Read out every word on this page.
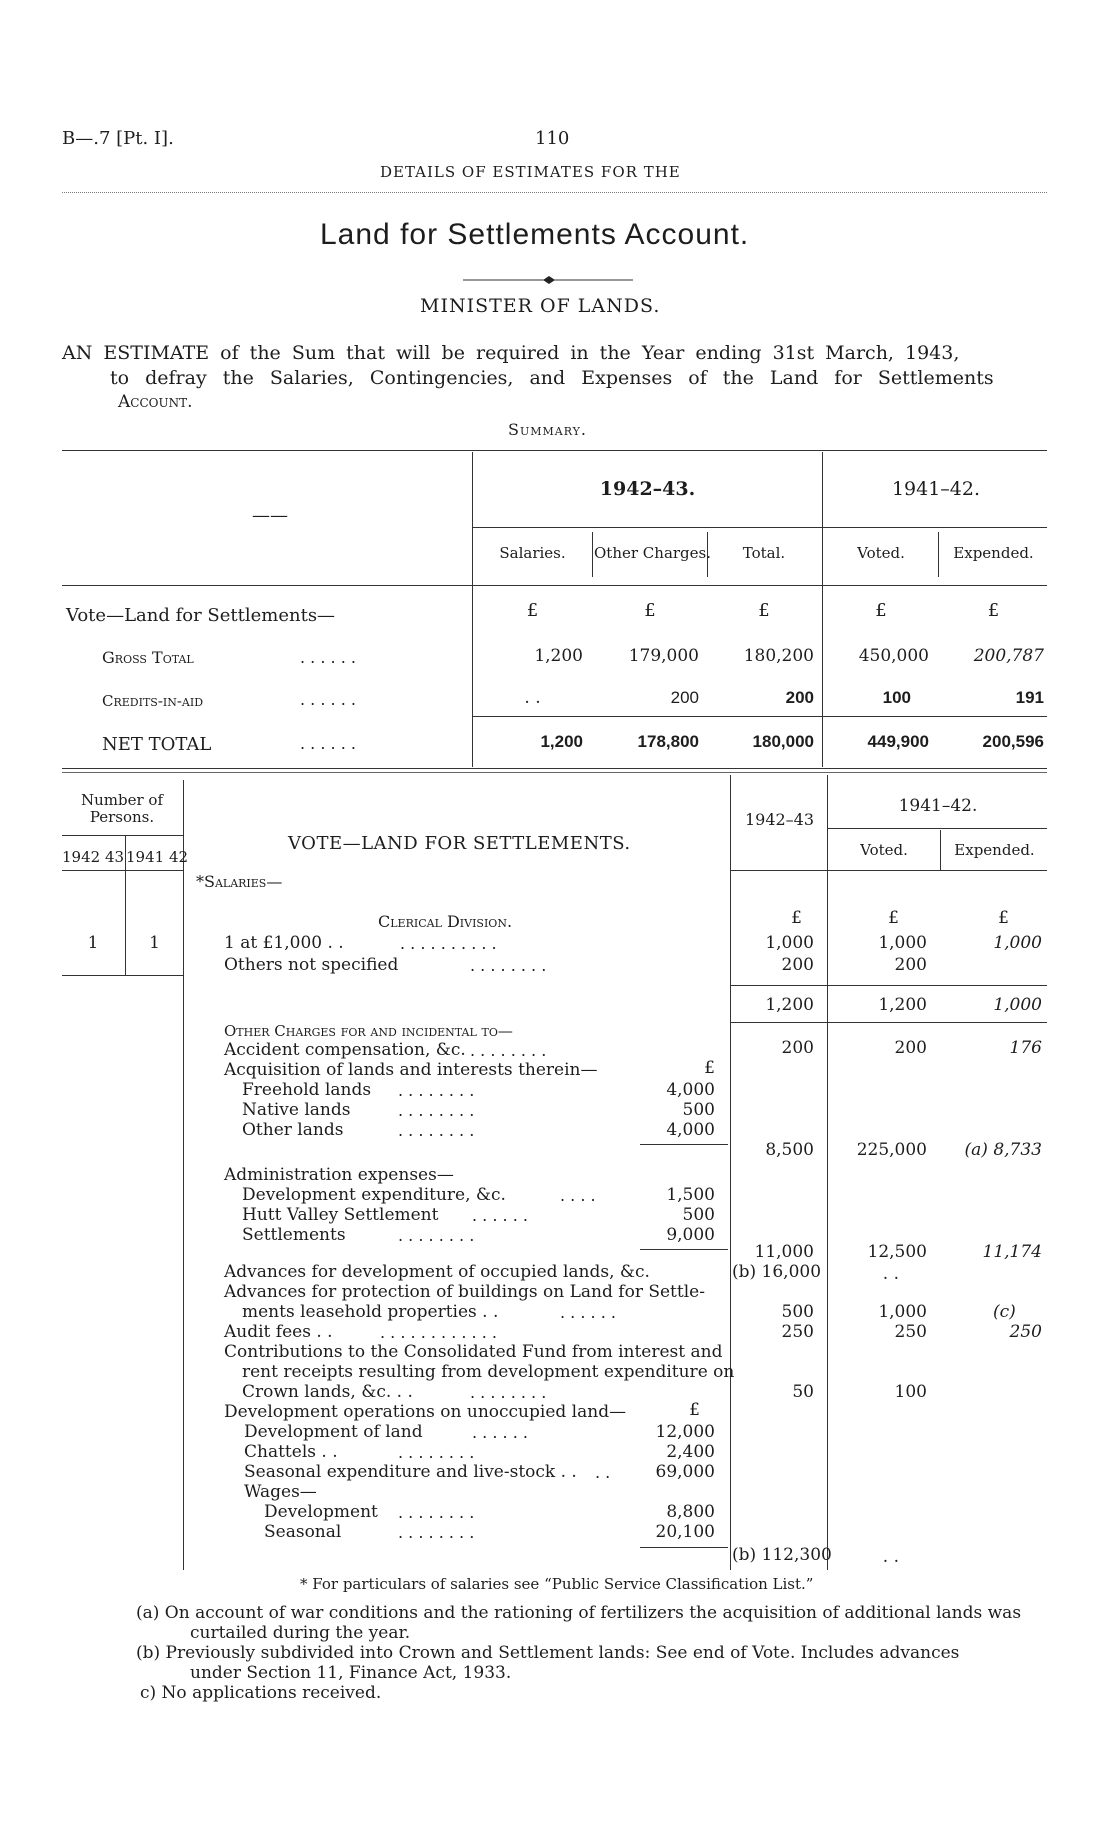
B—.7 [Pt. I].	110
DETAILS OF ESTIMATES FOR THE
Land for Settlements Account.
MINISTER OF LANDS.
AN ESTIMATE of the Sum that will be required in the Year ending 31st March, 1943,
to defray the Salaries, Contingencies, and Expenses of the Land for Settlements
Account.
Summary.
——
1942–43.	1941–42.
Salaries.	Other Charges.	Total.	Voted.	Expended.
Vote—Land for Settlements—	£	£	£	£	£
Gross Total	. . . . . .	1,200	179,000	180,200	450,000	200,787
Credits-in-aid	. . . . . .	. .	200	200	100	191
NET TOTAL	. . . . . .	1,200	178,800	180,000	449,900	200,596
Number of Persons.
1942 43 1941 42
VOTE—LAND FOR SETTLEMENTS.
1942–43
1941–42.
Voted.	Expended.
*Salaries—
Clerical Division.	£	£	£
1	1	1 at £1,000 . .	. . . . . . . . . .	1,000	1,000	1,000
Others not specified	. . . . . . . .	200	200
1,200	1,200	1,000
Other Charges for and incidental to—
Accident compensation, &c. . . . . . . . .	200	200	176
Acquisition of lands and interests therein—	£
Freehold lands . . . . . . . .	4,000
Native lands	. . . . . . . .	500
Other lands	. . . . . . . .	4,000
8,500	225,000	(a) 8,733
Administration expenses—
Development expenditure, &c.	. . . .	1,500
Hutt Valley Settlement . . . . . .	500
Settlements	. . . . . . . .	9,000
11,000	12,500	11,174
Advances for development of occupied lands, &c.	(b) 16,000	. .
Advances for protection of buildings on Land for Settle-
ments leasehold properties . .	. . . . . .	500	1,000	(c)
Audit fees . .	. . . . . . . . . . . .	250	250	250
Contributions to the Consolidated Fund from interest and
rent receipts resulting from development expenditure on
Crown lands, &c. . .	. . . . . . . .	50	100
Development operations on unoccupied land—	£
Development of land	. . . . . .	12,000
Chattels . .	. . . . . . . .	2,400
Seasonal expenditure and live-stock . . . .	69,000
Wages—
Development . . . . . . . .	8,800
Seasonal	. . . . . . . .	20,100
(b) 112,300	. .
* For particulars of salaries see “Public Service Classification List.”
(a) On account of war conditions and the rationing of fertilizers the acquisition of additional lands was
curtailed during the year.
(b) Previously subdivided into Crown and Settlement lands: See end of Vote. Includes advances
under Section 11, Finance Act, 1933.
c) No applications received.
